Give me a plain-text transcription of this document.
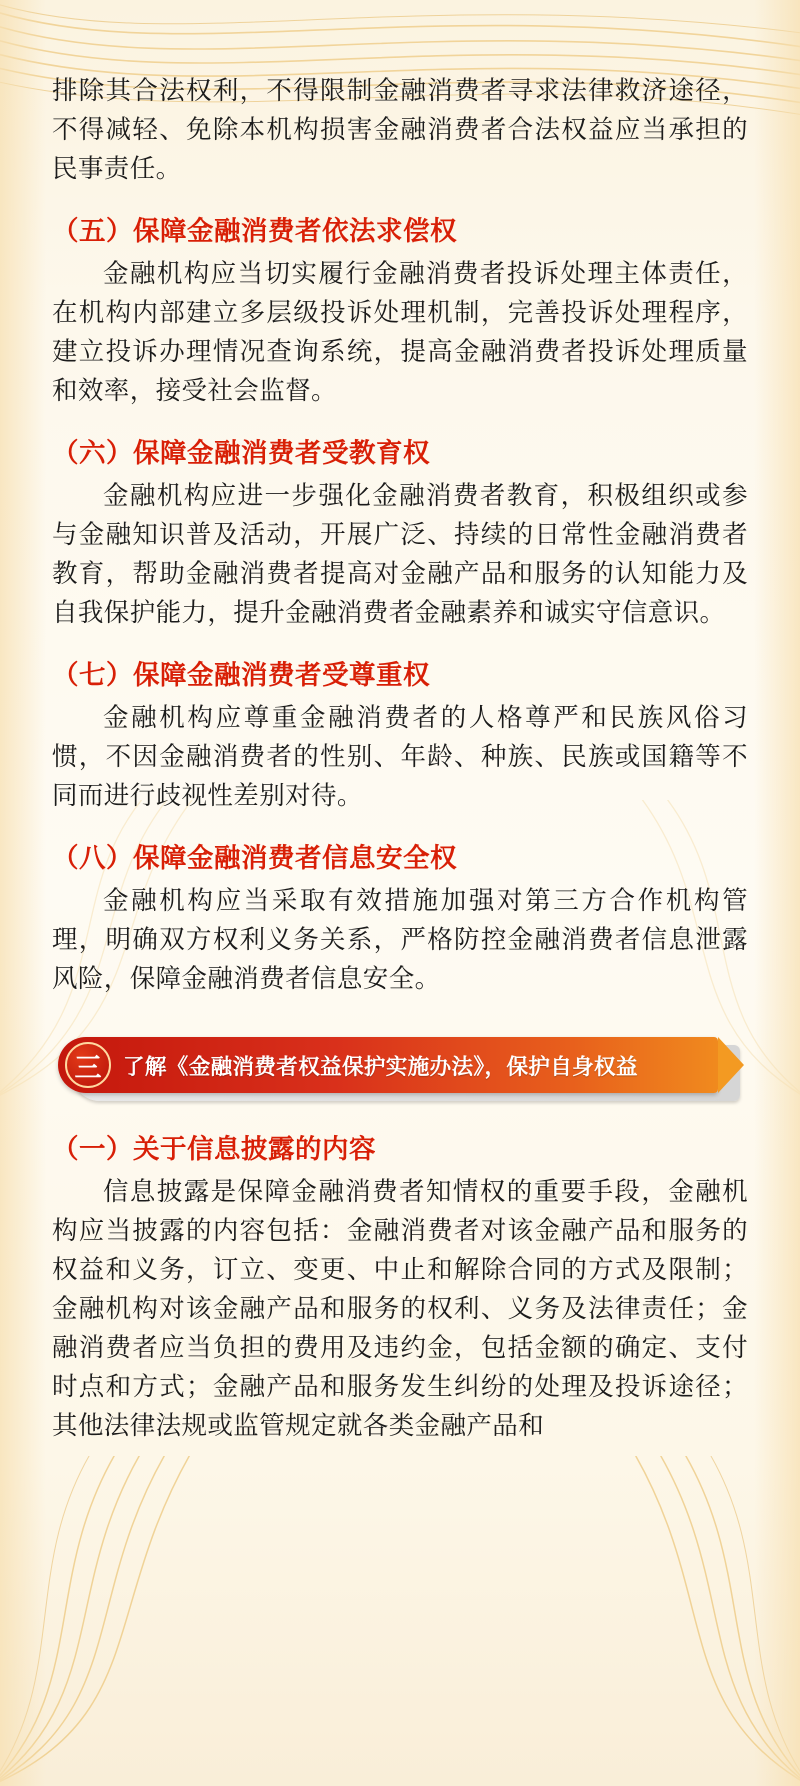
排除其合法权利，不得限制金融消费者寻求法律救济途径，不得减轻、免除本机构损害金融消费者合法权益应当承担的民事责任。

（五）保障金融消费者依法求偿权

金融机构应当切实履行金融消费者投诉处理主体责任，在机构内部建立多层级投诉处理机制，完善投诉处理程序，建立投诉办理情况查询系统，提高金融消费者投诉处理质量和效率，接受社会监督。

（六）保障金融消费者受教育权

金融机构应进一步强化金融消费者教育，积极组织或参与金融知识普及活动，开展广泛、持续的日常性金融消费者教育，帮助金融消费者提高对金融产品和服务的认知能力及自我保护能力，提升金融消费者金融素养和诚实守信意识。

（七）保障金融消费者受尊重权

金融机构应尊重金融消费者的人格尊严和民族风俗习惯，不因金融消费者的性别、年龄、种族、民族或国籍等不同而进行歧视性差别对待。

（八）保障金融消费者信息安全权

金融机构应当采取有效措施加强对第三方合作机构管理，明确双方权利义务关系，严格防控金融消费者信息泄露风险，保障金融消费者信息安全。

三	了解《金融消费者权益保护实施办法》，保护自身权益
（一）关于信息披露的内容

信息披露是保障金融消费者知情权的重要手段，金融机构应当披露的内容包括：金融消费者对该金融产品和服务的权益和义务，订立、变更、中止和解除合同的方式及限制；金融机构对该金融产品和服务的权利、义务及法律责任；金融消费者应当负担的费用及违约金，包括金额的确定、支付时点和方式；金融产品和服务发生纠纷的处理及投诉途径；其他法律法规或监管规定就各类金融产品和
